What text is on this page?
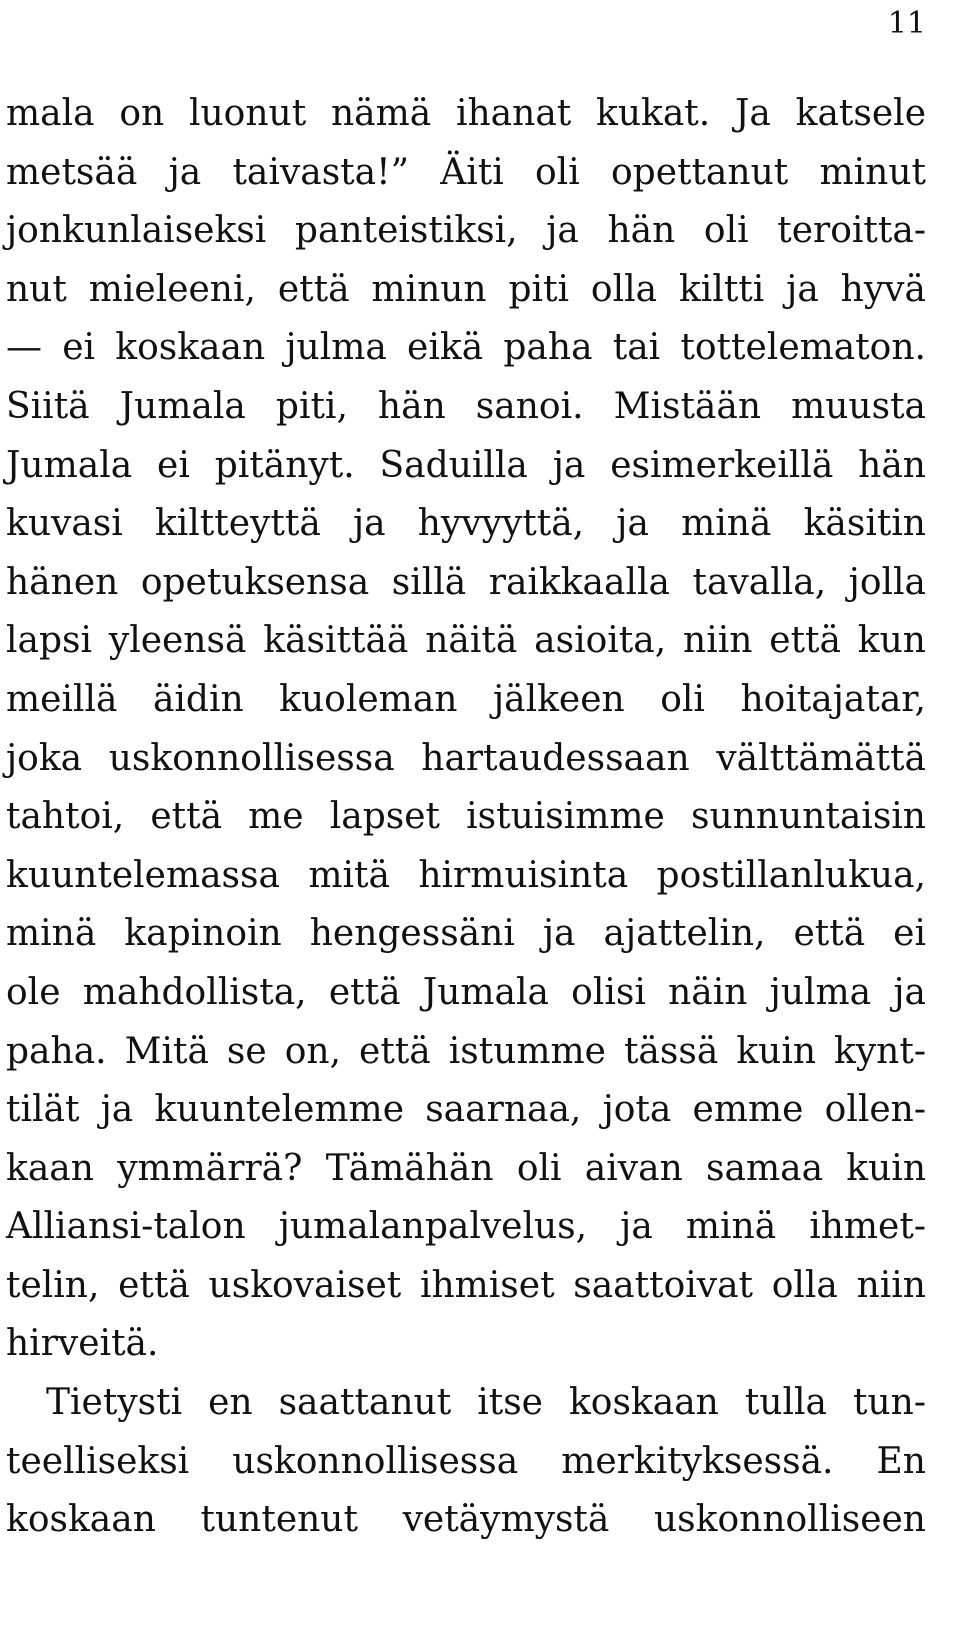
11
mala on luonut nämä ihanat kukat. Ja katsele
metsää ja taivasta!” Äiti oli opettanut minut
jonkunlaiseksi panteistiksi, ja hän oli teroitta-
nut mieleeni, että minun piti olla kiltti ja hyvä
— ei koskaan julma eikä paha tai tottelematon.
Siitä Jumala piti, hän sanoi. Mistään muusta
Jumala ei pitänyt. Saduilla ja esimerkeillä hän
kuvasi kiltteyttä ja hyvyyttä, ja minä käsitin
hänen opetuksensa sillä raikkaalla tavalla, jolla
lapsi yleensä käsittää näitä asioita, niin että kun
meillä äidin kuoleman jälkeen oli hoitajatar,
joka uskonnollisessa hartaudessaan välttämättä
tahtoi, että me lapset istuisimme sunnuntaisin
kuuntelemassa mitä hirmuisinta postillanlukua,
minä kapinoin hengessäni ja ajattelin, että ei
ole mahdollista, että Jumala olisi näin julma ja
paha. Mitä se on, että istumme tässä kuin kynt-
tilät ja kuuntelemme saarnaa, jota emme ollen-
kaan ymmärrä? Tämähän oli aivan samaa kuin
Alliansi-talon jumalanpalvelus, ja minä ihmet-
telin, että uskovaiset ihmiset saattoivat olla niin
hirveitä.
Tietysti en saattanut itse koskaan tulla tun-
teelliseksi uskonnollisessa merkityksessä. En
koskaan tuntenut vetäymystä uskonnolliseen
